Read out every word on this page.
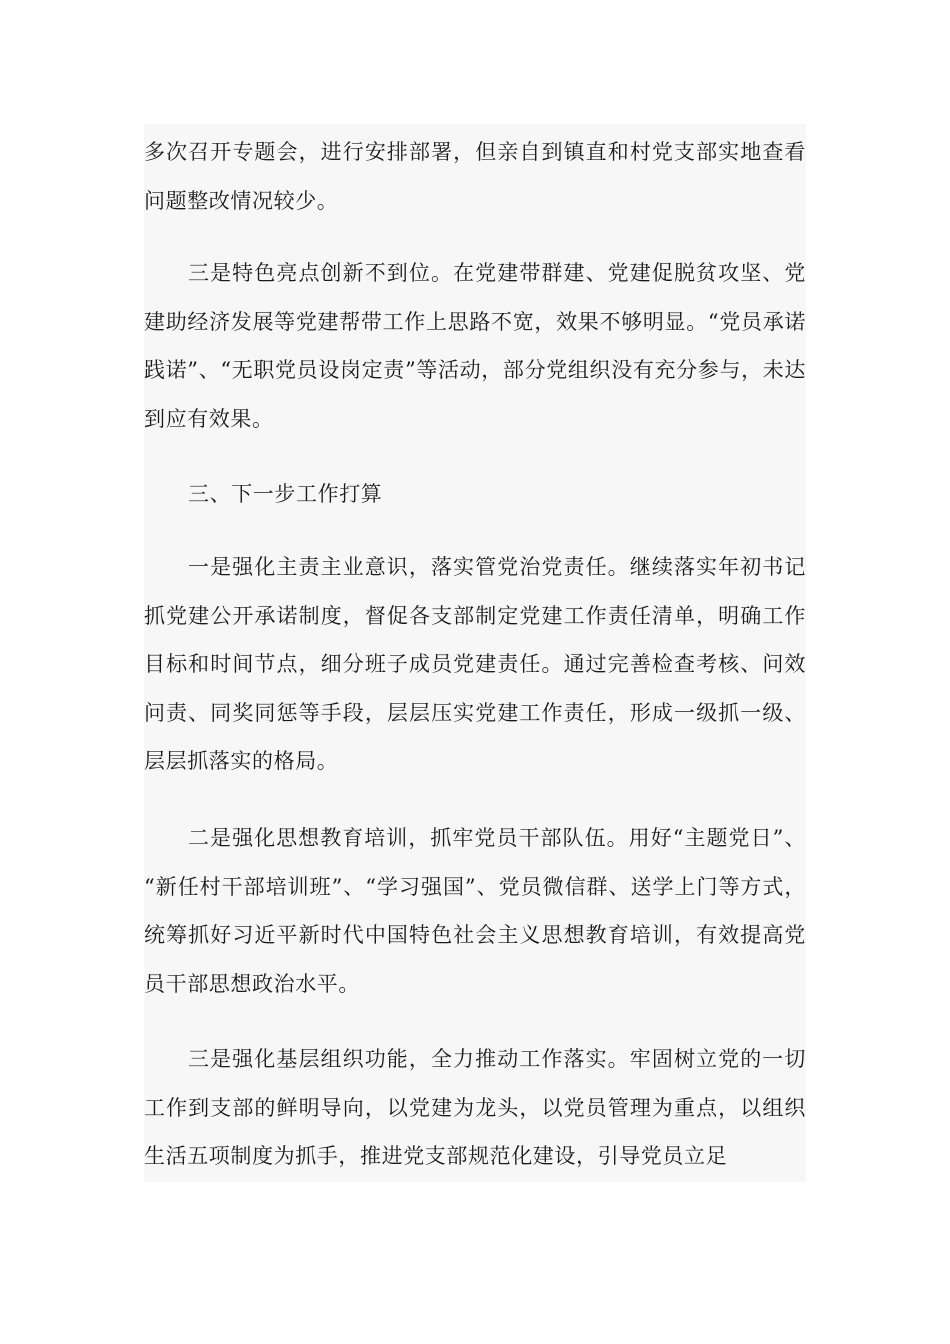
多次召开专题会，进行安排部署，但亲自到镇直和村党支部实地查看问题整改情况较少。

三是特色亮点创新不到位。在党建带群建、党建促脱贫攻坚、党建助经济发展等党建帮带工作上思路不宽，效果不够明显。“党员承诺践诺”、“无职党员设岗定责”等活动，部分党组织没有充分参与，未达到应有效果。

三、下一步工作打算

一是强化主责主业意识，落实管党治党责任。继续落实年初书记抓党建公开承诺制度，督促各支部制定党建工作责任清单，明确工作目标和时间节点，细分班子成员党建责任。通过完善检查考核、问效问责、同奖同惩等手段，层层压实党建工作责任，形成一级抓一级、层层抓落实的格局。

二是强化思想教育培训，抓牢党员干部队伍。用好“主题党日”、 “新任村干部培训班”、“学习强国”、党员微信群、送学上门等方式，统筹抓好习近平新时代中国特色社会主义思想教育培训，有效提高党员干部思想政治水平。

三是强化基层组织功能，全力推动工作落实。牢固树立党的一切工作到支部的鲜明导向，以党建为龙头，以党员管理为重点，以组织生活五项制度为抓手，推进党支部规范化建设，引导党员立足
